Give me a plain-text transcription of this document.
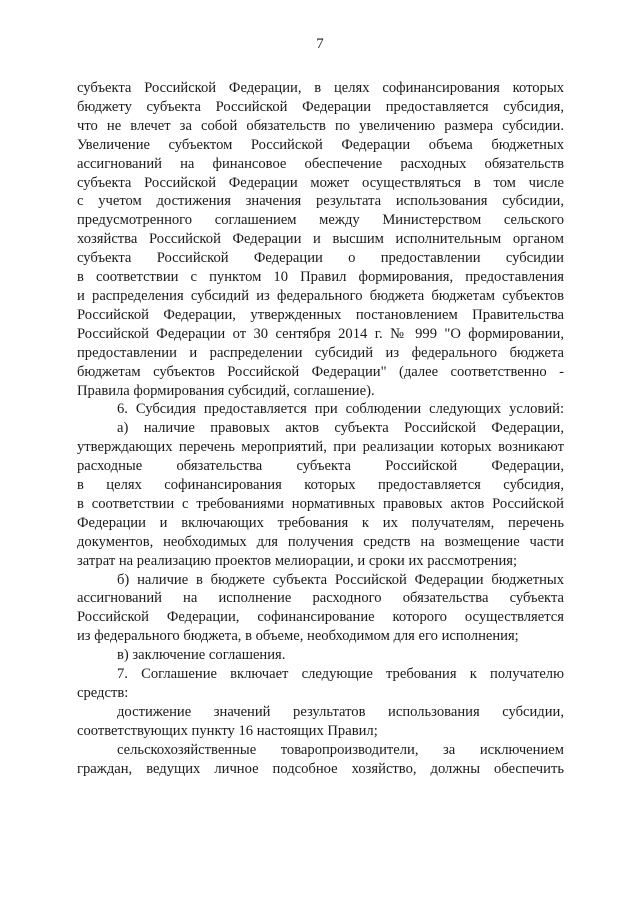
7

субъекта Российской Федерации, в целях софинансирования которых

бюджету субъекта Российской Федерации предоставляется субсидия,

что не влечет за собой обязательств по увеличению размера субсидии.

Увеличение субъектом Российской Федерации объема бюджетных

ассигнований на финансовое обеспечение расходных обязательств

субъекта Российской Федерации может осуществляться в том числе

с учетом достижения значения результата использования субсидии,

предусмотренного соглашением между Министерством сельского

хозяйства Российской Федерации и высшим исполнительным органом

субъекта Российской Федерации о предоставлении субсидии

в соответствии с пунктом 10 Правил формирования, предоставления

и распределения субсидий из федерального бюджета бюджетам субъектов

Российской Федерации, утвержденных постановлением Правительства

Российской Федерации от 30 сентября 2014 г. № 999 "О формировании,

предоставлении и распределении субсидий из федерального бюджета

бюджетам субъектов Российской Федерации" (далее соответственно -

Правила формирования субсидий, соглашение).

6. Субсидия предоставляется при соблюдении следующих условий:

а) наличие правовых актов субъекта Российской Федерации,

утверждающих перечень мероприятий, при реализации которых возникают

расходные обязательства субъекта Российской Федерации,

в целях софинансирования которых предоставляется субсидия,

в соответствии с требованиями нормативных правовых актов Российской

Федерации и включающих требования к их получателям, перечень

документов, необходимых для получения средств на возмещение части

затрат на реализацию проектов мелиорации, и сроки их рассмотрения;

б) наличие в бюджете субъекта Российской Федерации бюджетных

ассигнований на исполнение расходного обязательства субъекта

Российской Федерации, софинансирование которого осуществляется

из федерального бюджета, в объеме, необходимом для его исполнения;

в) заключение соглашения.

7. Соглашение включает следующие требования к получателю

средств:

достижение значений результатов использования субсидии,

соответствующих пункту 16 настоящих Правил;

сельскохозяйственные товаропроизводители, за исключением

граждан, ведущих личное подсобное хозяйство, должны обеспечить
